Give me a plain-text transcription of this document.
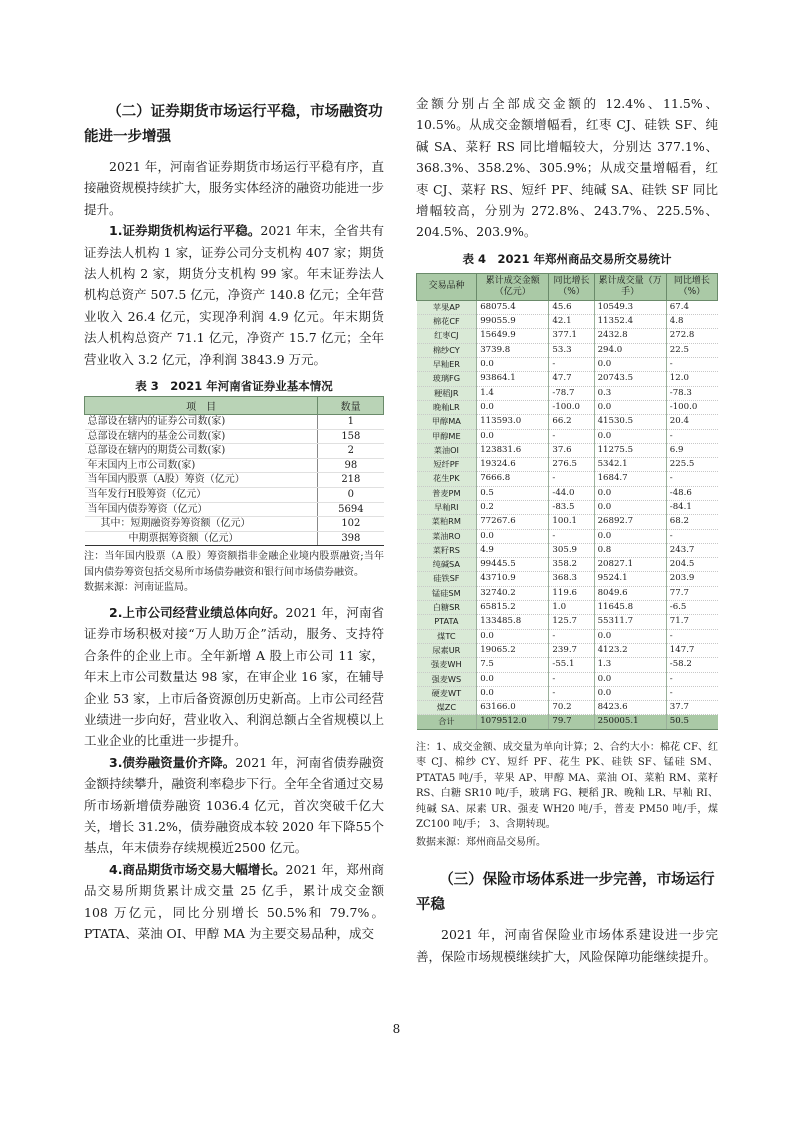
（二）证券期货市场运行平稳，市场融资功能进一步增强

2021 年，河南省证券期货市场运行平稳有序，直接融资规模持续扩大，服务实体经济的融资功能进一步提升。

1.证券期货机构运行平稳。2021 年末，全省共有证券法人机构 1 家，证券公司分支机构 407 家；期货法人机构 2 家，期货分支机构 99 家。年末证券法人机构总资产 507.5 亿元，净资产 140.8 亿元；全年营业收入 26.4 亿元，实现净利润 4.9 亿元。年末期货法人机构总资产 71.1 亿元，净资产 15.7 亿元；全年营业收入 3.2 亿元，净利润 3843.9 万元。

表 3　2021 年河南省证券业基本情况
项　目	数量
总部设在辖内的证券公司数(家)	1
总部设在辖内的基金公司数(家)	158
总部设在辖内的期货公司数(家)	2
年末国内上市公司数(家)	98
当年国内股票（A股）筹资（亿元）	218
当年发行H股筹资（亿元）	0
当年国内债券筹资（亿元）	5694
其中：短期融资券筹资额（亿元）	102
中期票据筹资额（亿元）	398
注：当年国内股票（A 股）筹资额指非金融企业境内股票融资;当年国内债券筹资包括交易所市场债券融资和银行间市场债券融资。
数据来源：河南证监局。

2.上市公司经营业绩总体向好。2021 年，河南省证券市场积极对接“万人助万企”活动，服务、支持符合条件的企业上市。全年新增 A 股上市公司 11 家，年末上市公司数量达 98 家，在审企业 16 家，在辅导企业 53 家，上市后备资源创历史新高。上市公司经营业绩进一步向好，营业收入、利润总额占全省规模以上工业企业的比重进一步提升。

3.债券融资量价齐降。2021 年，河南省债券融资金额持续攀升，融资利率稳步下行。全年全省通过交易所市场新增债券融资 1036.4 亿元，首次突破千亿大关，增长 31.2%，债券融资成本较 2020 年下降55个基点，年末债券存续规模近2500 亿元。

4.商品期货市场交易大幅增长。2021 年，郑州商品交易所期货累计成交量 25 亿手，累计成交金额 108 万亿元，同比分别增长 50.5%和 79.7%。PTATA、菜油 OI、甲醇 MA 为主要交易品种，成交

金额分别占全部成交金额的 12.4%、11.5%、10.5%。从成交金额增幅看，红枣 CJ、硅铁 SF、纯碱 SA、菜籽 RS 同比增幅较大，分别达 377.1%、368.3%、358.2%、305.9%；从成交量增幅看，红枣 CJ、菜籽 RS、短纤 PF、纯碱 SA、硅铁 SF 同比增幅较高，分别为 272.8%、243.7%、225.5%、204.5%、203.9%。

表 4　2021 年郑州商品交易所交易统计
交易品种	累计成交金额（亿元）	同比增长（%）	累计成交量（万手）	同比增长（%）
苹果AP	68075.4	45.6	10549.3	67.4
棉花CF	99055.9	42.1	11352.4	4.8
红枣CJ	15649.9	377.1	2432.8	272.8
棉纱CY	3739.8	53.3	294.0	22.5
早籼ER	0.0	-	0.0	-
玻璃FG	93864.1	47.7	20743.5	12.0
粳稻JR	1.4	-78.7	0.3	-78.3
晚籼LR	0.0	-100.0	0.0	-100.0
甲醇MA	113593.0	66.2	41530.5	20.4
甲醇ME	0.0	-	0.0	-
菜油OI	123831.6	37.6	11275.5	6.9
短纤PF	19324.6	276.5	5342.1	225.5
花生PK	7666.8	-	1684.7	-
普麦PM	0.5	-44.0	0.0	-48.6
早籼RI	0.2	-83.5	0.0	-84.1
菜粕RM	77267.6	100.1	26892.7	68.2
菜油RO	0.0	-	0.0	-
菜籽RS	4.9	305.9	0.8	243.7
纯碱SA	99445.5	358.2	20827.1	204.5
硅铁SF	43710.9	368.3	9524.1	203.9
锰硅SM	32740.2	119.6	8049.6	77.7
白糖SR	65815.2	1.0	11645.8	-6.5
PTATA	133485.8	125.7	55311.7	71.7
煤TC	0.0	-	0.0	-
尿素UR	19065.2	239.7	4123.2	147.7
强麦WH	7.5	-55.1	1.3	-58.2
强麦WS	0.0	-	0.0	-
硬麦WT	0.0	-	0.0	-
煤ZC	63166.0	70.2	8423.6	37.7
合计	1079512.0	79.7	250005.1	50.5
注：1、成交金额、成交量为单向计算；2、合约大小：棉花 CF、红枣 CJ、棉纱 CY、短纤 PF、花生 PK、硅铁 SF、锰硅 SM、PTATA5 吨/手，苹果 AP、甲醇 MA、菜油 OI、菜粕 RM、菜籽 RS、白糖 SR10 吨/手，玻璃 FG、粳稻 JR、晚籼 LR、早籼 RI、纯碱 SA、尿素 UR、强麦 WH20 吨/手，普麦 PM50 吨/手，煤 ZC100 吨/手； 3、含期转现。
数据来源：郑州商品交易所。
（三）保险市场体系进一步完善，市场运行平稳

2021 年，河南省保险业市场体系建设进一步完善，保险市场规模继续扩大，风险保障功能继续提升。

8
